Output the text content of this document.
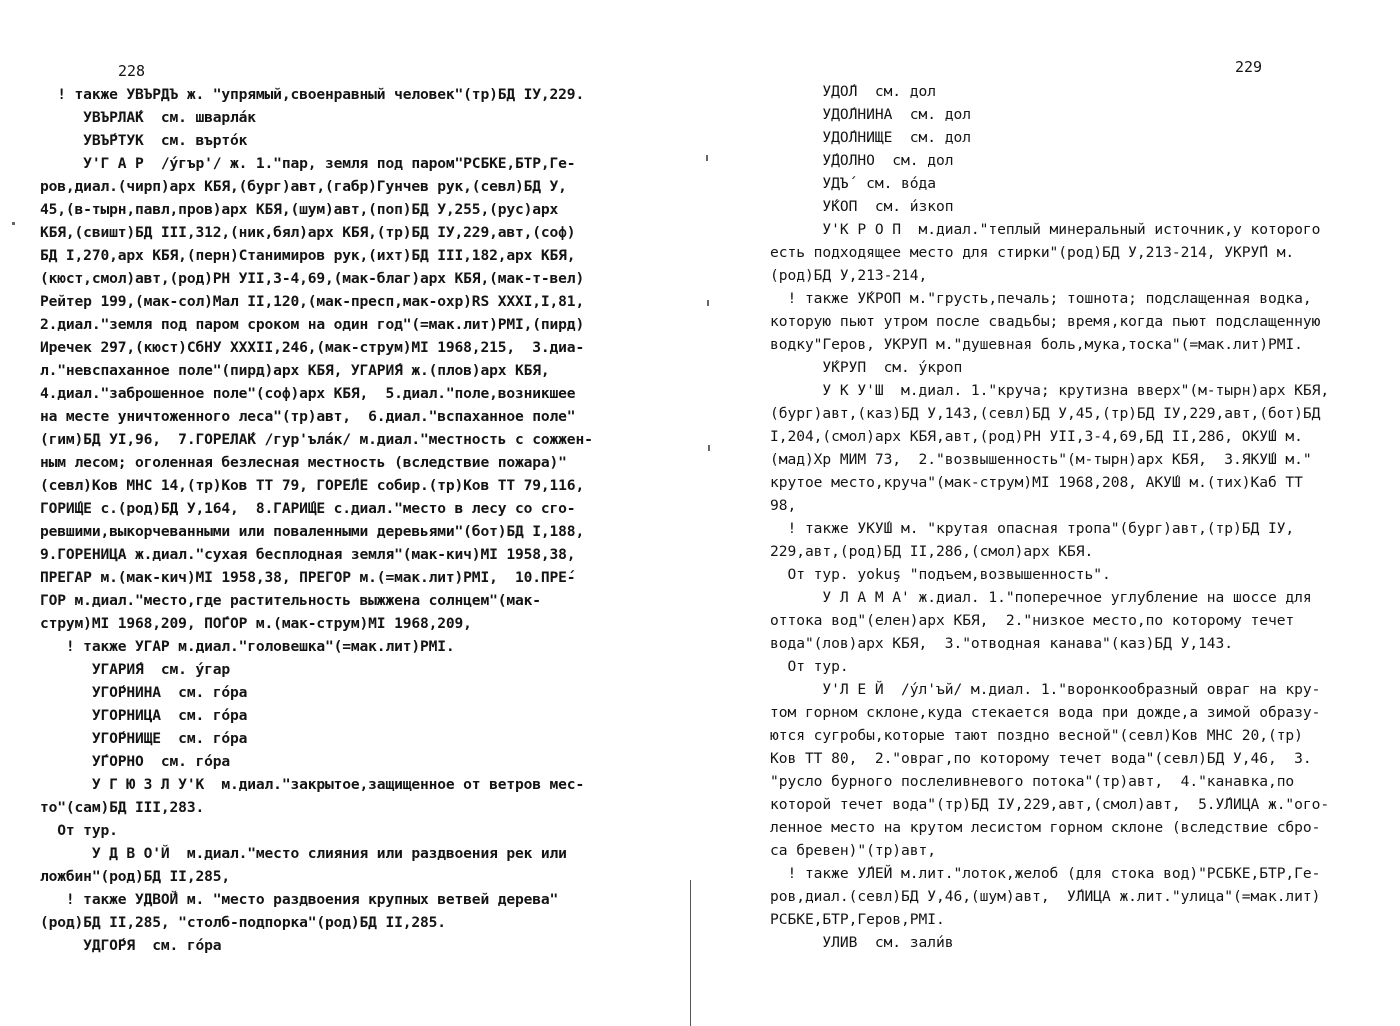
228
! также УВЪРДЪ ж. "упрямый,своенравный человек"(тр)БД IУ,229.
УВЪРЛА́К  см. шварла́к
УВЪ́РТУК  см. въртóк
У'Г А Р  /у́гър'/ ж. 1."пар, земля под паром"РСБКЕ,БТР,Ге-
ров,диал.(чирп)арх КБЯ,(бург)авт,(габр)Гунчев рук,(севл)БД У,
45,(в-тырн,павл,пров)арх КБЯ,(шум)авт,(поп)БД У,255,(рус)арх
КБЯ,(свишт)БД III,312,(ник,бял)арх КБЯ,(тр)БД IУ,229,авт,(соф)
БД I,270,арх КБЯ,(перн)Станимиров рук,(ихт)БД III,182,арх КБЯ,
(кюст,смол)авт,(род)РН УII,3-4,69,(мак-благ)арх КБЯ,(мак-т-вел)
Рейтер 199,(мак-сол)Мал II,120,(мак-пресп,мак-охр)RS XXXI,I,81,
2.диал."земля под паром сроком на один год"(=мак.лит)РМI,(пирд)
Иречек 297,(кюст)СбНУ XXXII,246,(мак-струм)МI 1968,215,  3.диа-
л."невспаханное поле"(пирд)арх КБЯ, УГАРИ́Я ж.(плов)арх КБЯ,
4.диал."заброшенное поле"(соф)арх КБЯ,  5.диал."поле,возникшее
на месте уничтоженного леса"(тр)авт,  6.диал."вспаханное поле"
(гим)БД УI,96,  7.ГОРЕЛА́К /гур'ъла́к/ м.диал."местность с сожжен-
ным лесом; оголенная безлесная местность (вследствие пожара)"
(севл)Ков МНС 14,(тр)Ков ТТ 79, ГОРЕ́ЛЕ собир.(тр)Ков ТТ 79,116,
ГОРИ́ЩЕ с.(род)БД У,164,  8.ГАРИ́ЩЕ с.диал."место в лесу со сго-
ревшими,выкорчеванными или поваленными деревьями"(бот)БД I,188,
9.ГОРЕНИЦА ж.диал."сухая бесплодная земля"(мак-кич)МI 1958,38,
ПРЕГАР м.(мак-кич)МI 1958,38, ПРЕГОР м.(=мак.лит)РМI,  10.ПРЕ́-
ГОР м.диал."место,где растительность выжжена солнцем"(мак-
струм)МI 1968,209, ПО́ГОР м.(мак-струм)МI 1968,209,
! также УГАР м.диал."головешка"(=мак.лит)РМI.
УГАРИ́Я  см. у́гар
УГО́РНИНА  см. гóра
УГОРНИЦА  см. гóра
УГО́РНИЩЕ  см. гóра
У́ГОРНО  см. гóра
У Г Ю З Л У'К  м.диал."закрытое,защищенное от ветров мес-
то"(сам)БД III,283.
От тур.
У Д В О'Й  м.диал."место слияния или раздвоения рек или
ложбин"(род)БД II,285,
! также УДВО́Й м. "место раздвоения крупных ветвей дерева"
(род)БД II,285, "столб-подпорка"(род)БД II,285.
УДГО́РЯ  см. гóра
229
УДО́Л  см. дол
УДО́ЛНИНА  см. дол
УДО́ЛНИЩЕ  см. дол
У́ДОЛНО  см. дол
УДЪ́  см. вóда
У́КОП  см. и́зкоп
У'К Р О П  м.диал."теплый минеральный источник,у которого
есть подходящее место для стирки"(род)БД У,213-214, УКРУ́П м.
(род)БД У,213-214,
! также У́КРОП м."грусть,печаль; тошнота; подслащенная водка,
которую пьют утром после свадьбы; время,когда пьют подслащенную
водку"Геров, УКРУП м."душевная боль,мука,тоска"(=мак.лит)РМI.
У́КРУП  см. у́кроп
У К У'Ш  м.диал. 1."круча; крутизна вверх"(м-тырн)арх КБЯ,
(бург)авт,(каз)БД У,143,(севл)БД У,45,(тр)БД IУ,229,авт,(бот)БД
I,204,(смол)арх КБЯ,авт,(род)РН УII,3-4,69,БД II,286, ОКУ́Ш м.
(мад)Хр МИМ 73,  2."возвышенность"(м-тырн)арх КБЯ,  3.ЯКУ́Ш м."
крутое место,круча"(мак-струм)МI 1968,208, АКУ́Ш м.(тих)Каб ТТ
98,
! также УКУ́Ш м. "крутая опасная тропа"(бург)авт,(тр)БД IУ,
229,авт,(род)БД II,286,(смол)арх КБЯ.
От тур. yokuş "подъем,возвышенность".
У Л А М А' ж.диал. 1."поперечное углубление на шоссе для
оттока вод"(елен)арх КБЯ,  2."низкое место,по которому течет
вода"(лов)арх КБЯ,  3."отводная канава"(каз)БД У,143.
От тур.
У'Л Е Й  /у́л'ъй/ м.диал. 1."воронкообразный овраг на кру-
том горном склоне,куда стекается вода при дожде,а зимой образу-
ются сугробы,которые тают поздно весной"(севл)Ков МНС 20,(тр)
Ков ТТ 80,  2."овраг,по которому течет вода"(севл)БД У,46,  3.
"русло бурного послеливневого потока"(тр)авт,  4."канавка,по
которой течет вода"(тр)БД IУ,229,авт,(смол)авт,  5.У́ЛИЦА ж."ого-
ленное место на крутом лесистом горном склоне (вследствие сбро-
са бревен)"(тр)авт,
! также У́ЛЕЙ м.лит."лоток,желоб (для стока вод)"РСБКЕ,БТР,Ге-
ров,диал.(севл)БД У,46,(шум)авт,  У́ЛИЦА ж.лит."улица"(=мак.лит)
РСБКЕ,БТР,Геров,РМI.
УЛИВ  см. зали́в
